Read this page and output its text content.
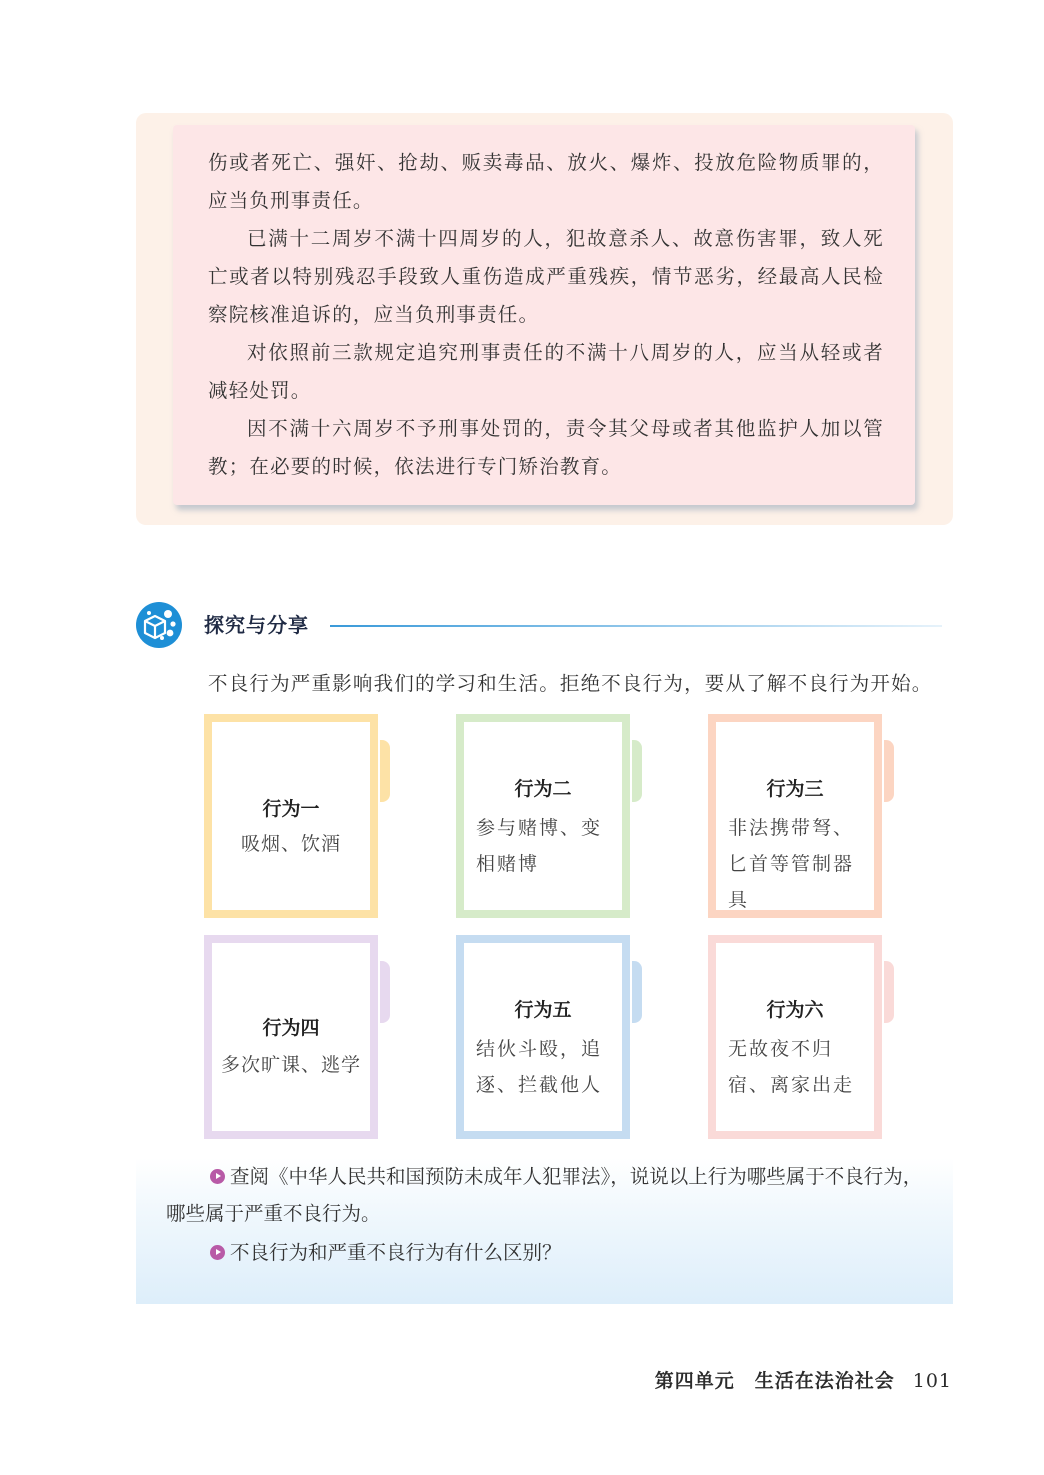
伤或者死亡、强奸、抢劫、贩卖毒品、放火、爆炸、投放危险物质罪的，应当负刑事责任。

已满十二周岁不满十四周岁的人，犯故意杀人、故意伤害罪，致人死亡或者以特别残忍手段致人重伤造成严重残疾，情节恶劣，经最高人民检察院核准追诉的，应当负刑事责任。

对依照前三款规定追究刑事责任的不满十八周岁的人，应当从轻或者减轻处罚。

因不满十六周岁不予刑事处罚的，责令其父母或者其他监护人加以管教；在必要的时候，依法进行专门矫治教育。

探究与分享
不良行为严重影响我们的学习和生活。拒绝不良行为，要从了解不良行为开始。
行为一
吸烟、饮酒
行为二
参与赌博、变相赌博
行为三
非法携带弩、匕首等管制器具
行为四
多次旷课、逃学
行为五
结伙斗殴，追逐、拦截他人
行为六
无故夜不归宿、离家出走

查阅《中华人民共和国预防未成年人犯罪法》，说说以上行为哪些属于不良行为，哪些属于严重不良行为。

不良行为和严重不良行为有什么区别？

第四单元　生活在法治社会 101
